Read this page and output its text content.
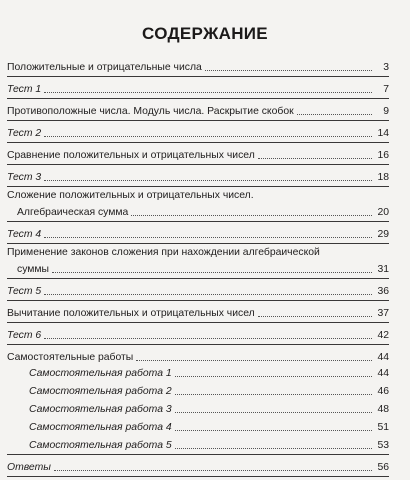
СОДЕРЖАНИЕ
Положительные и отрицательные числа	3
Тест 1	7
Противоположные числа. Модуль числа. Раскрытие скобок	9
Тест 2	14
Сравнение положительных и отрицательных чисел	16
Тест 3	18
Сложение положительных и отрицательных чисел.
Алгебраическая сумма	20
Тест 4	29
Применение законов сложения при нахождении алгебраической
суммы	31
Тест 5	36
Вычитание положительных и отрицательных чисел	37
Тест 6	42
Самостоятельные работы	44
Самостоятельная работа 1	44
Самостоятельная работа 2	46
Самостоятельная работа 3	48
Самостоятельная работа 4	51
Самостоятельная работа 5	53
Ответы	56
